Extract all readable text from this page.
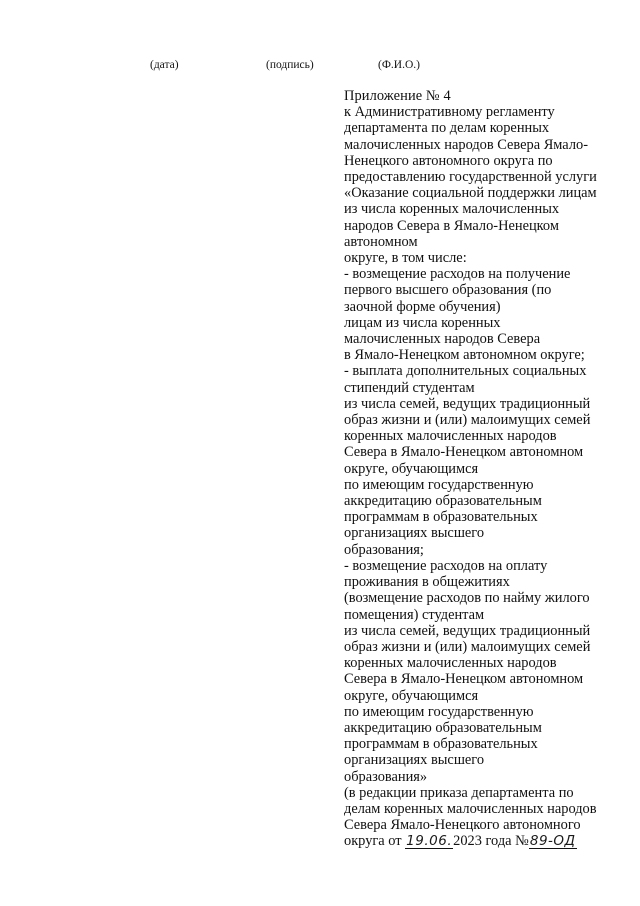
(дата)	(подпись)	(Ф.И.О.)
Приложение № 4
к Административному регламенту
департамента по делам коренных
малочисленных народов Севера Ямало-
Ненецкого автономного округа по
предоставлению государственной услуги
«Оказание социальной поддержки лицам
из числа коренных малочисленных
народов Севера в Ямало-Ненецком
автономном
округе, в том числе:
- возмещение расходов на получение
первого высшего образования (по
заочной форме обучения)
лицам из числа коренных
малочисленных народов Севера
в Ямало-Ненецком автономном округе;
- выплата дополнительных социальных
стипендий студентам
из числа семей, ведущих традиционный
образ жизни и (или) малоимущих семей
коренных малочисленных народов
Севера в Ямало-Ненецком автономном
округе, обучающимся
по имеющим государственную
аккредитацию образовательным
программам в образовательных
организациях высшего
образования;
- возмещение расходов на оплату
проживания в общежитиях
(возмещение расходов по найму жилого
помещения) студентам
из числа семей, ведущих традиционный
образ жизни и (или) малоимущих семей
коренных малочисленных народов
Севера в Ямало-Ненецком автономном
округе, обучающимся
по имеющим государственную
аккредитацию образовательным
программам в образовательных
организациях высшего
образования»
(в редакции приказа департамента по
делам коренных малочисленных народов
Севера Ямало-Ненецкого автономного
округа от 19.06.2023 года №89-ОД
